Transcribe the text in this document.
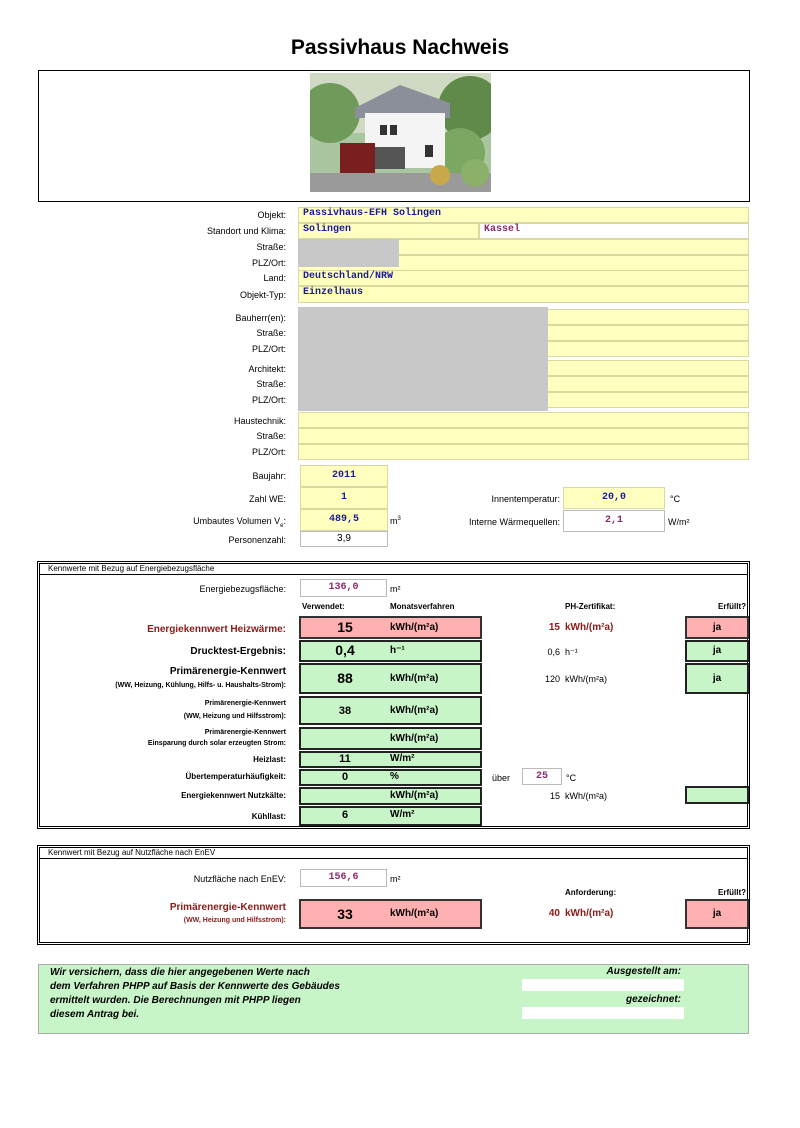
Passivhaus Nachweis
Objekt:	Passivhaus-EFH Solingen
Standort und Klima:	Solingen	Kassel
Straße:
PLZ/Ort:
Land:	Deutschland/NRW
Objekt-Typ:	Einzelhaus
Bauherr(en):
Straße:
PLZ/Ort:
Architekt:
Straße:
PLZ/Ort:
Haustechnik:
Straße:
PLZ/Ort:
Baujahr:	2011
Zahl WE:	1
Umbautes Volumen $V_e$:	489,5	$m^3$
Personenzahl:	3,9
Innentemperatur:	20,0	°C
Interne Wärmequellen:	2,1	W/m²
Kennwerte mit Bezug auf Energiebezugsfläche
Energiebezugsfläche:	136,0	m²
Verwendet:	Monatsverfahren	PH-Zertifikat:	Erfüllt?
Energiekennwert Heizwärme:	15	kWh/(m²a)	15 kWh/(m²a)	ja
Drucktest-Ergebnis:	0,4	h⁻¹	0,6 h⁻¹	ja
Primärenergie-Kennwert
(WW, Heizung, Kühlung, Hilfs- u. Haushalts-Strom):	88	kWh/(m²a)	120 kWh/(m²a)	ja
Primärenergie-Kennwert
(WW, Heizung und Hilfsstrom):	38	kWh/(m²a)
Primärenergie-Kennwert
Einsparung durch solar erzeugten Strom:	kWh/(m²a)
Heizlast:	11	W/m²
Übertemperaturhäufigkeit:	0	%	über	25	°C
Energiekennwert Nutzkälte:	kWh/(m²a)	15 kWh/(m²a)
Kühllast:	6	W/m²
Kennwert mit Bezug auf Nutzfläche nach EnEV
Nutzfläche nach EnEV:	156,6	m²
Anforderung:	Erfüllt?
Primärenergie-Kennwert
(WW, Heizung und Hilfsstrom):	33	kWh/(m²a)	40 kWh/(m²a)	ja
Wir versichern, dass die hier angegebenen Werte nach
dem Verfahren PHPP auf Basis der Kennwerte des Gebäudes
ermittelt wurden. Die Berechnungen mit PHPP liegen
diesem Antrag bei.
Ausgestellt am:
gezeichnet:
